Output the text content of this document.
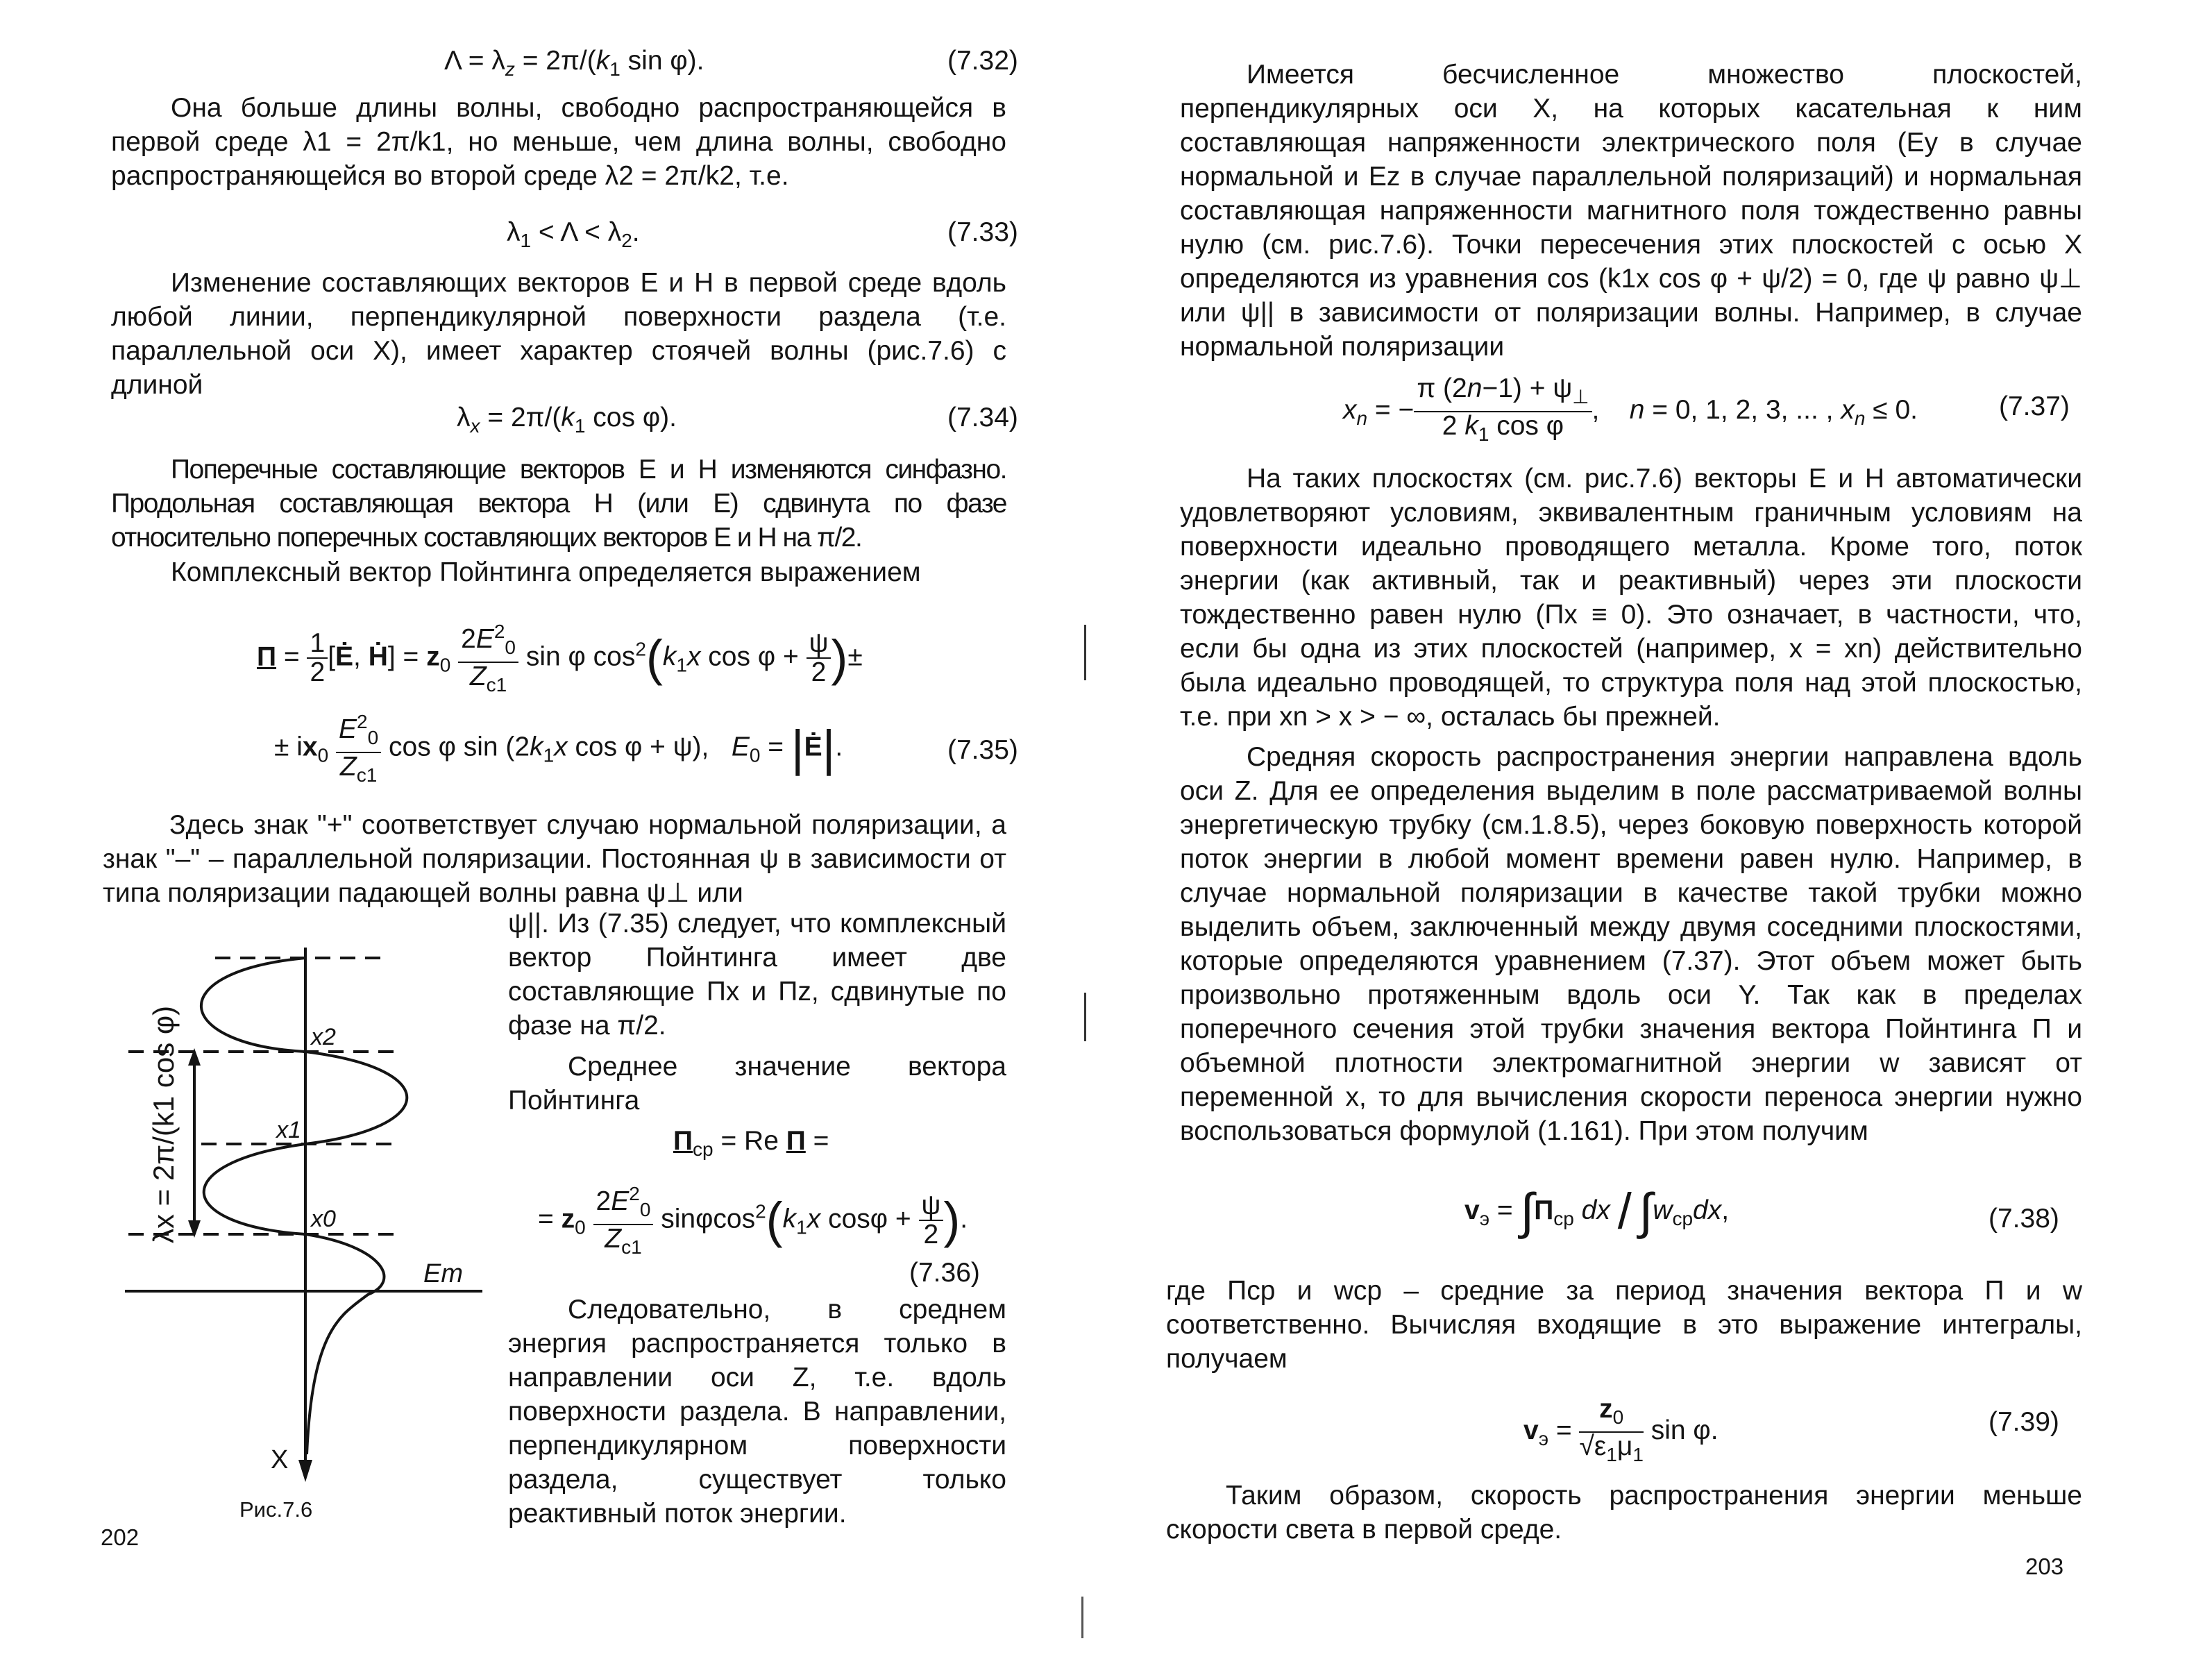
$\Lambda = \lambda_z = 2\pi/(k_1$ sin φ).	(7.32)
Она больше длины волны, свободно распространяющейся в первой среде λ1 = 2π/k1, но меньше, чем длина волны, свободно распространяющейся во второй среде λ2 = 2π/k2, т.е.
$\lambda_1 < \Lambda < \lambda_2$.	(7.33)
Изменение составляющих векторов E и H в первой среде вдоль любой линии, перпендикулярной поверхности раздела (т.е. параллельной оси X), имеет характер стоячей волны (рис.7.6) с длиной
$\lambda_x = 2\pi/(k_1$ cos φ).	(7.34)
Поперечные составляющие векторов E и H изменяются синфазно. Продольная составляющая вектора H (или E) сдвинута по фазе относительно поперечных составляющих векторов E и H на π/2.
Комплексный вектор Пойнтинга определяется выражением
$П = \frac{1}{2}$ [Ė, Ḣ] = $z_0 \frac{2E^2_0}{Z_{c1}}$ sin φ $\cos^2(k_1x$ $\cos \varphi + \frac{\psi}{2}$ )±
± $ix_0 \frac{E^2_0}{Z_{c1}}$ cos φ $\sin (2k_1x$ cos φ + ψ),   $E_0$ = |Ė|.	(7.35)
Здесь знак "+" соответствует случаю нормальной поляризации, а знак "–" – параллельной поляризации. Постоянная ψ в зависимости от типа поляризации падающей волны равна ψ⊥ или
x2
x1
x0
Em
X
λx = 2π/(k1 cos φ)
Рис.7.6
ψ||. Из (7.35) следует, что комплексный вектор Пойнтинга имеет две составляющие Пx и Пz, сдвинутые по фазе на π/2.
Среднее значение вектора Пойнтинга
$П_{ср} = Re$ П =
= $z_0 \frac{2E^2_0}{Z_{c1}} \sin\varphi\cos^2(k_1x$ $\cos\varphi + \frac{\psi}{2}$ ).
(7.36)
Следовательно, в среднем энергия распространяется только в направлении оси Z, т.е. вдоль поверхности раздела. В направлении, перпендикулярном поверхности раздела, существует только реактивный поток энергии.
202
Имеется бесчисленное множество плоскостей, перпендикулярных оси X, на которых касательная к ним составляющая напряженности электрического поля (Ey в случае нормальной и Ez в случае параллельной поляризаций) и нормальная составляющая напряженности магнитного поля тождественно равны нулю (см. рис.7.6). Точки пересечения этих плоскостей с осью X определяются из уравнения cos (k1x cos φ + ψ/2) = 0, где ψ равно ψ⊥ или ψ|| в зависимости от поляризации волны. Например, в случае нормальной поляризации
$x_n$ = − $\frac{\pi (2n-1) + \psi_\perp}{2 k_1 \cos \varphi}$ ,    n = 0, 1, 2, 3, ... , $x_n \le 0$.	(7.37)
На таких плоскостях (см. рис.7.6) векторы E и H автоматически удовлетворяют условиям, эквивалентным граничным условиям на поверхности идеально проводящего металла. Кроме того, поток энергии (как активный, так и реактивный) через эти плоскости тождественно равен нулю (Пx ≡ 0). Это означает, в частности, что, если бы одна из этих плоскостей (например, x = xn) действительно была идеально проводящей, то структура поля над этой плоскостью, т.е. при xn > x > − ∞, осталась бы прежней.
Средняя скорость распространения энергии направлена вдоль оси Z. Для ее определения выделим в поле рассматриваемой волны энергетическую трубку (см.1.8.5), через боковую поверхность которой поток энергии в любой момент времени равен нулю. Например, в случае нормальной поляризации в качестве такой трубки можно выделить объем, заключенный между двумя соседними плоскостями, которые определяются уравнением (7.37). Этот объем может быть произвольно протяженным вдоль оси Y. Так как в пределах поперечного сечения этой трубки значения вектора Пойнтинга П и объемной плотности электромагнитной энергии w зависят от переменной x, то для вычисления скорости переноса энергии нужно воспользоваться формулой (1.161). При этом получим
$v_э = \int П_{ср}$ dx / $\int w_{ср}dx$,	(7.38)
где Пср и wср – средние за период значения вектора П и w соответственно. Вычисляя входящие в это выражение интегралы, получаем
$v_э = \frac{z_0}{√\varepsilon_1\mu_1}$ sin φ.	(7.39)
Таким образом, скорость распространения энергии меньше скорости света в первой среде.
203
